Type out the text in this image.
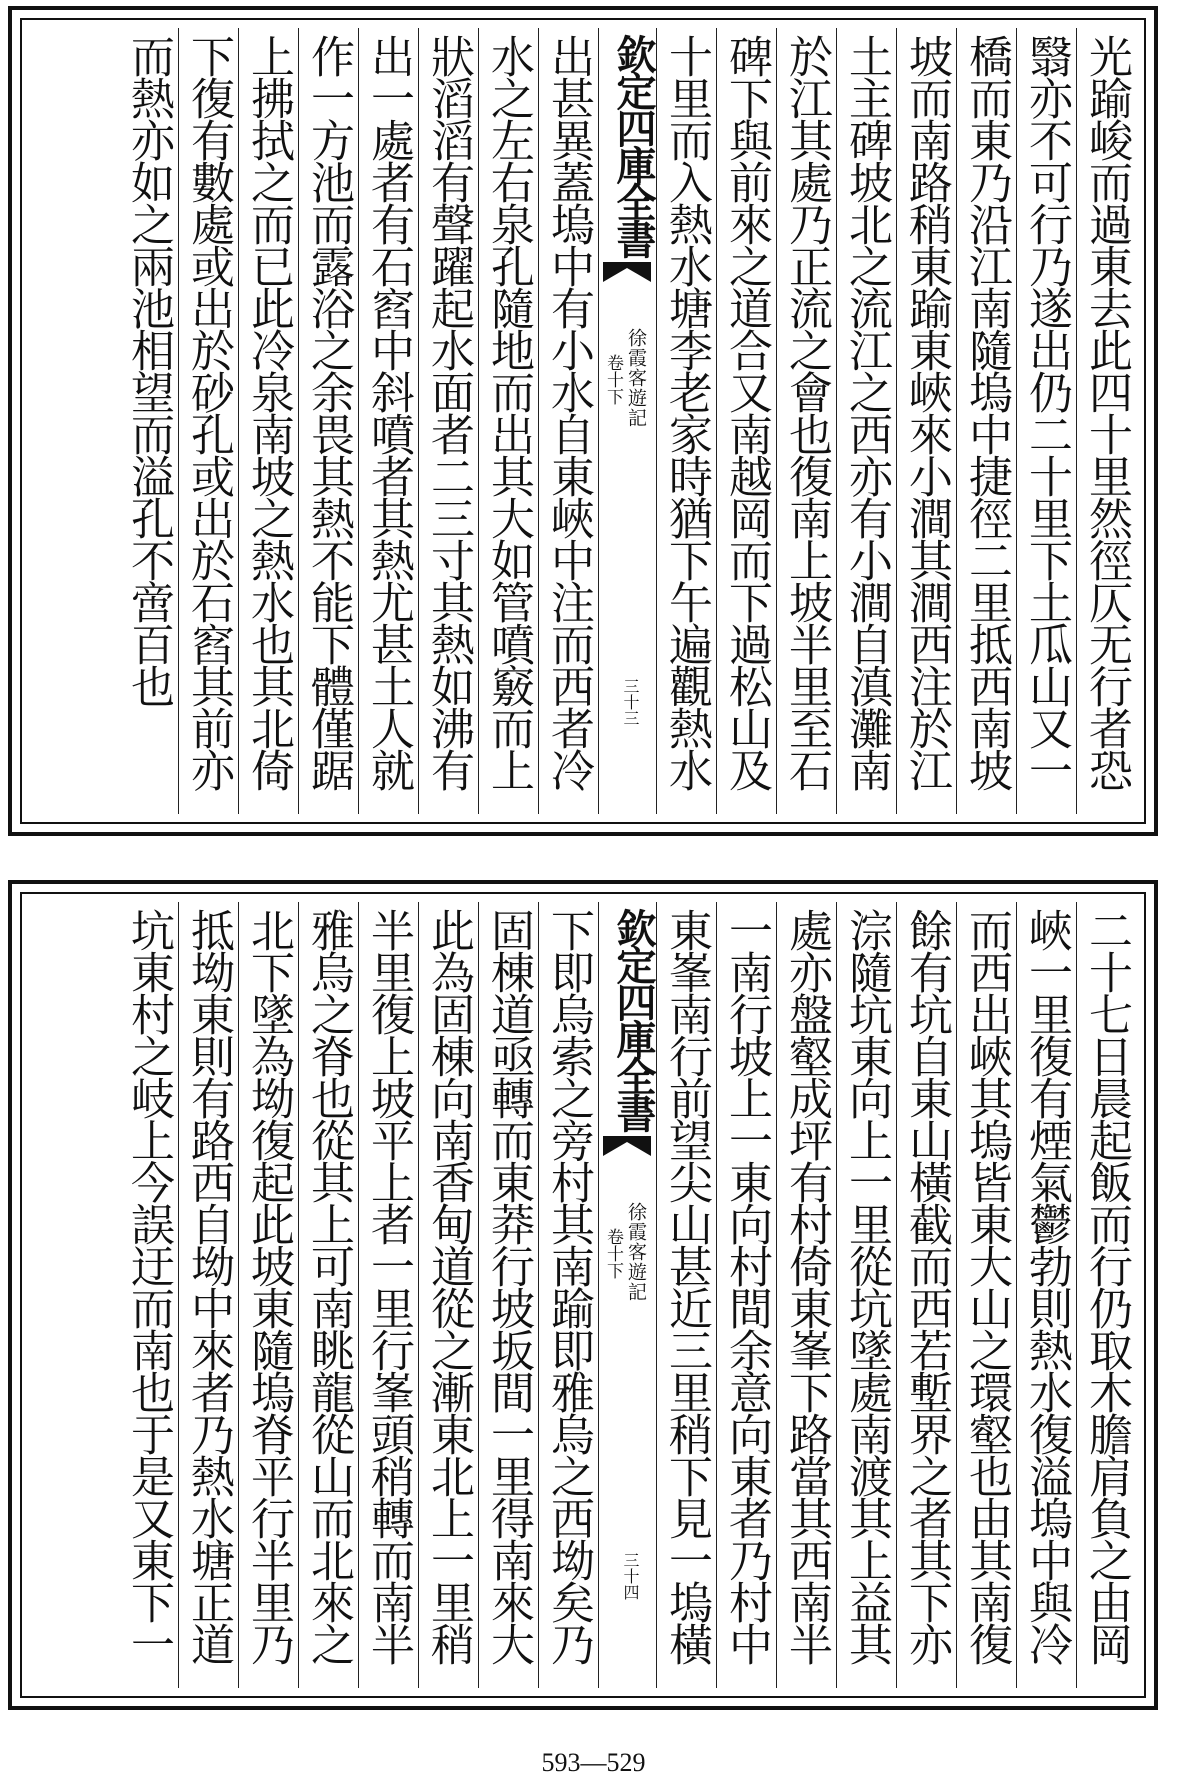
光踰峻而過東去此四十里然徑仄无行者恐
翳亦不可行乃遂出仍二十里下土瓜山又一
橋而東乃沿江南隨塢中捷徑二里抵西南坡
坡而南路稍東踰東峽來小澗其澗西注於江
土主碑坡北之流江之西亦有小澗自滇灘南
於江其處乃正流之會也復南上坡半里至石
碑下與前來之道合又南越岡而下過松山及
十里而入熱水塘李老家時猶下午遍觀熱水
欽定四庫全書
徐霞客遊記
卷十下
三十三
出甚異蓋塢中有小水自東峽中注而西者冷
水之左右泉孔隨地而出其大如管噴竅而上
狀滔滔有聲躍起水面者二三寸其熱如沸有
出一處者有石窞中斜噴者其熱尤甚土人就
作一方池而露浴之余畏其熱不能下體僅踞
上拂拭之而已此冷泉南坡之熱水也其北倚
下復有數處或出於砂孔或出於石窞其前亦
而熱亦如之兩池相望而溢孔不啻百也
二十七日晨起飯而行仍取木膽肩負之由岡
峽一里復有煙氣鬱勃則熱水復溢塢中與冷
而西出峽其塢皆東大山之環壑也由其南復
餘有坑自東山橫截而西若塹界之者其下亦
淙隨坑東向上一里從坑墜處南渡其上益其
處亦盤壑成坪有村倚東峯下路當其西南半
一南行坡上一東向村間余意向東者乃村中
東峯南行前望尖山甚近三里稍下見一塢橫
欽定四庫全書
徐霞客遊記
卷十下
三十四
下即烏索之旁村其南踰即雅烏之西坳矣乃
固棟道亟轉而東莽行坡坂間一里得南來大
此為固棟向南香甸道從之漸東北上一里稍
半里復上坡平上者一里行峯頭稍轉而南半
雅烏之脊也從其上可南眺龍從山而北來之
北下墜為坳復起此坡東隨塢脊平行半里乃
抵坳東則有路西自坳中來者乃熱水塘正道
坑東村之岐上今誤迂而南也于是又東下一
593—529
